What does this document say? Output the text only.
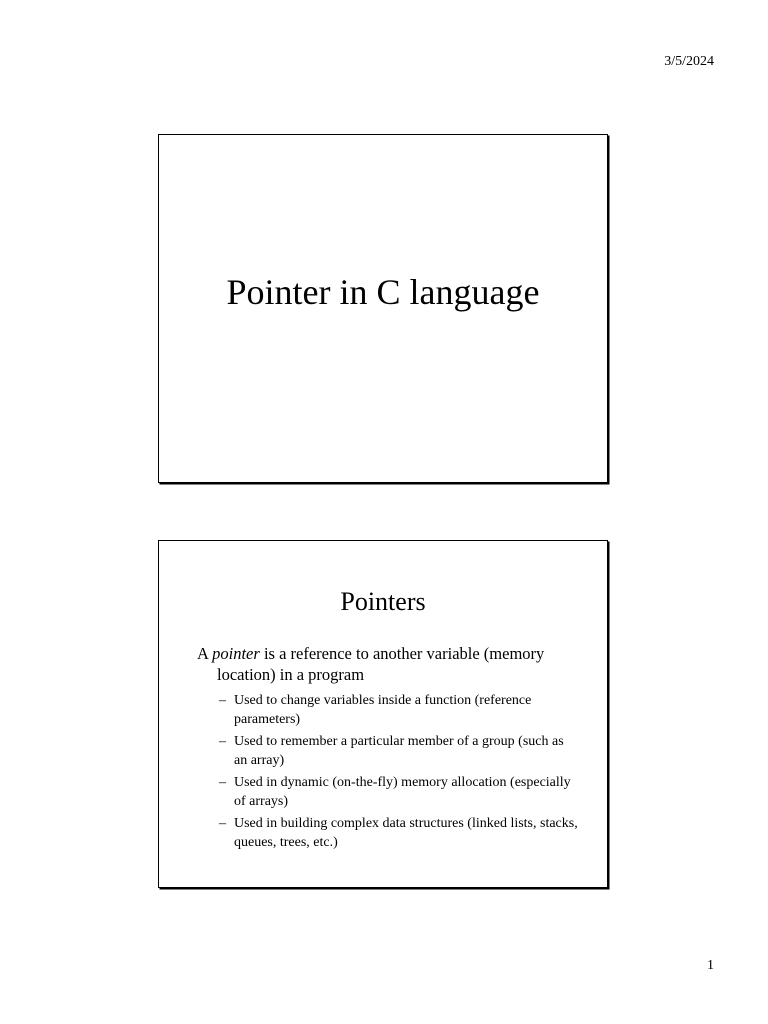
3/5/2024
Pointer in C language
Pointers

A pointer is a reference to another variable (memory location) in a program

– Used to change variables inside a function (reference parameters)
– Used to remember a particular member of a group (such as an array)
– Used in dynamic (on-the-fly) memory allocation (especially of arrays)
– Used in building complex data structures (linked lists, stacks, queues, trees, etc.)
1
